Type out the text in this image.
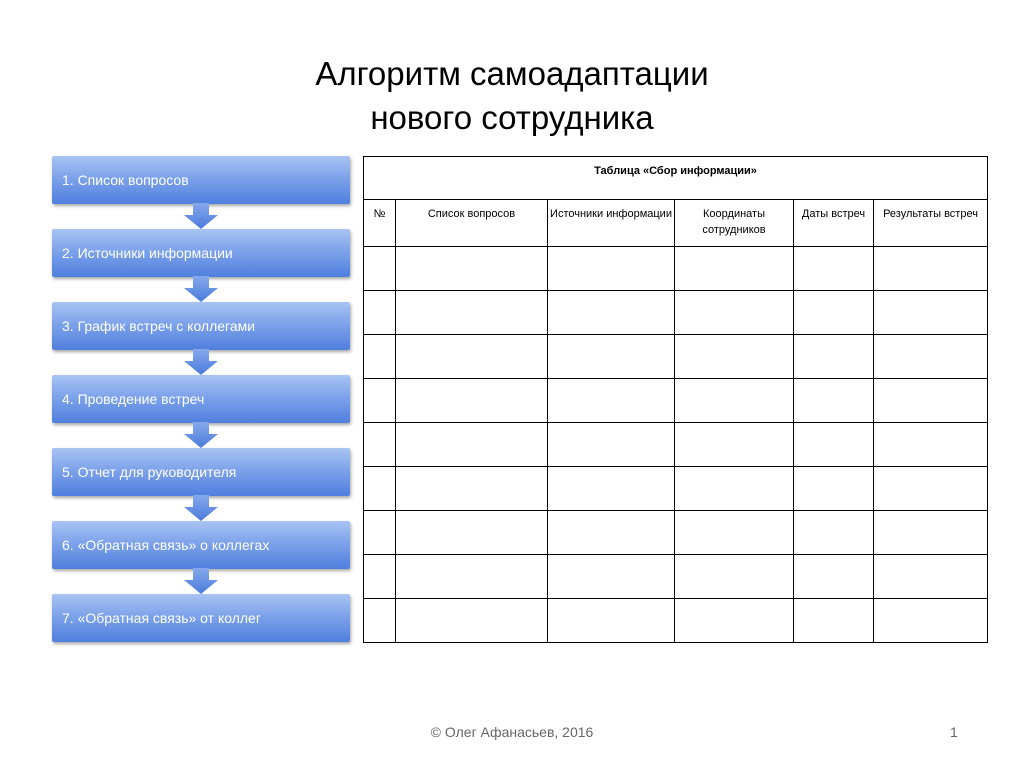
Алгоритм самоадаптации
нового сотрудника
1. Список вопросов
2. Источники информации
3. График встреч с коллегами
4. Проведение встреч
5. Отчет для руководителя
6. «Обратная связь» о коллегах
7. «Обратная связь» от коллег
Таблица «Сбор информации»					
№	Список вопросов	Источники информации	Координаты сотрудников	Даты встреч	Результаты встреч

© Олег Афанасьев, 2016	1
